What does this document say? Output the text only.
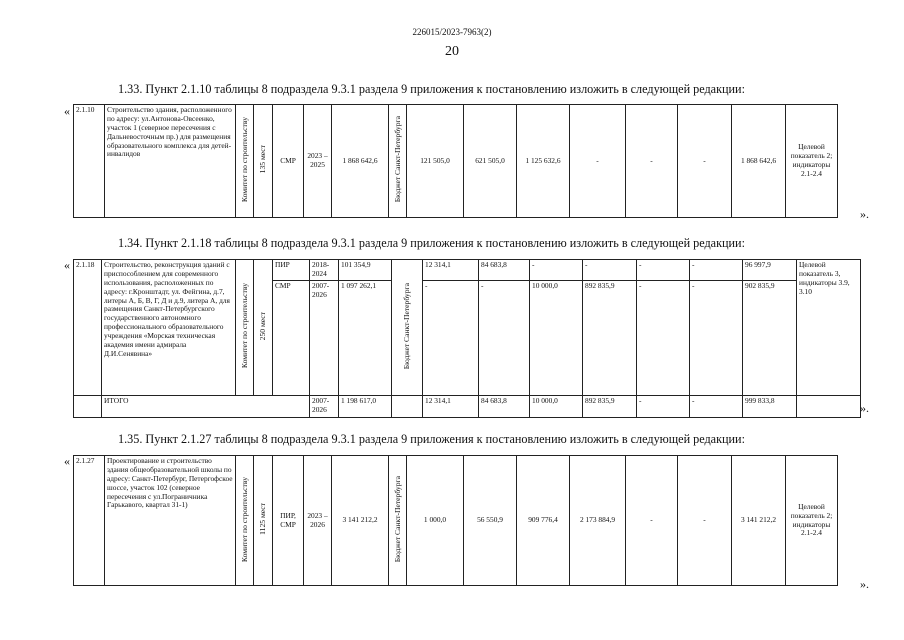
226015/2023-7963(2)
20
1.33. Пункт 2.1.10 таблицы 8 подраздела 9.3.1 раздела 9 приложения к постановлению изложить в следующей редакции:
« 2.1.10	Строительство здания, расположенного по адресу: ул.Антонова-Овсеенко, участок 1 (северное пересечения с Дальневосточным пр.) для размещения образовательного комплекса для детей-инвалидов	Комитет по строительству	135 мест	СМР	2023 – 2025	1 868 642,6	Бюджет Санкт-Петербурга	121 505,0	621 505,0	1 125 632,6	-	-	-	1 868 642,6	Целевой показатель 2; индикаторы 2.1-2.4
».
1.34. Пункт 2.1.18 таблицы 8 подраздела 9.3.1 раздела 9 приложения к постановлению изложить в следующей редакции:
« 2.1.18	Строительство, реконструкция зданий с приспособлением для современного использования, расположенных по адресу: г.Кронштадт, ул. Фейгина, д.7, литеры А, Б, В, Г, Д и д.9, литера А, для размещения Санкт-Петербургского государственного автономного профессионального образовательного учреждения «Морская техническая академия имени адмирала Д.И.Сенявина»	Комитет по строительству	250 мест	ПИР	2018-2024	101 354,9	Бюджет Санкт-Петербурга	12 314,1	84 683,8	-	-	-	-	96 997,9	Целевой показатель 3, индикаторы 3.9, 3.10
				СМР	2007-2026	1 097 262,1		-	-	10 000,0	892 835,9	-	-	902 835,9	
	ИТОГО				2007-2026	1 198 617,0		12 314,1	84 683,8	10 000,0	892 835,9	-	-	999 833,8	
».
1.35. Пункт 2.1.27 таблицы 8 подраздела 9.3.1 раздела 9 приложения к постановлению изложить в следующей редакции:
« 2.1.27	Проектирование и строительство здания общеобразовательной школы по адресу: Санкт-Петербург, Петергофское шоссе, участок 102 (северное пересечения с ул.Пограничника Гарькавого, квартал 31-1)	Комитет по строительству	1125 мест	ПИР, СМР	2023 – 2026	3 141 212,2	Бюджет Санкт-Петербурга	1 000,0	56 550,9	909 776,4	2 173 884,9	-	-	3 141 212,2	Целевой показатель 2; индикаторы 2.1-2.4
».
